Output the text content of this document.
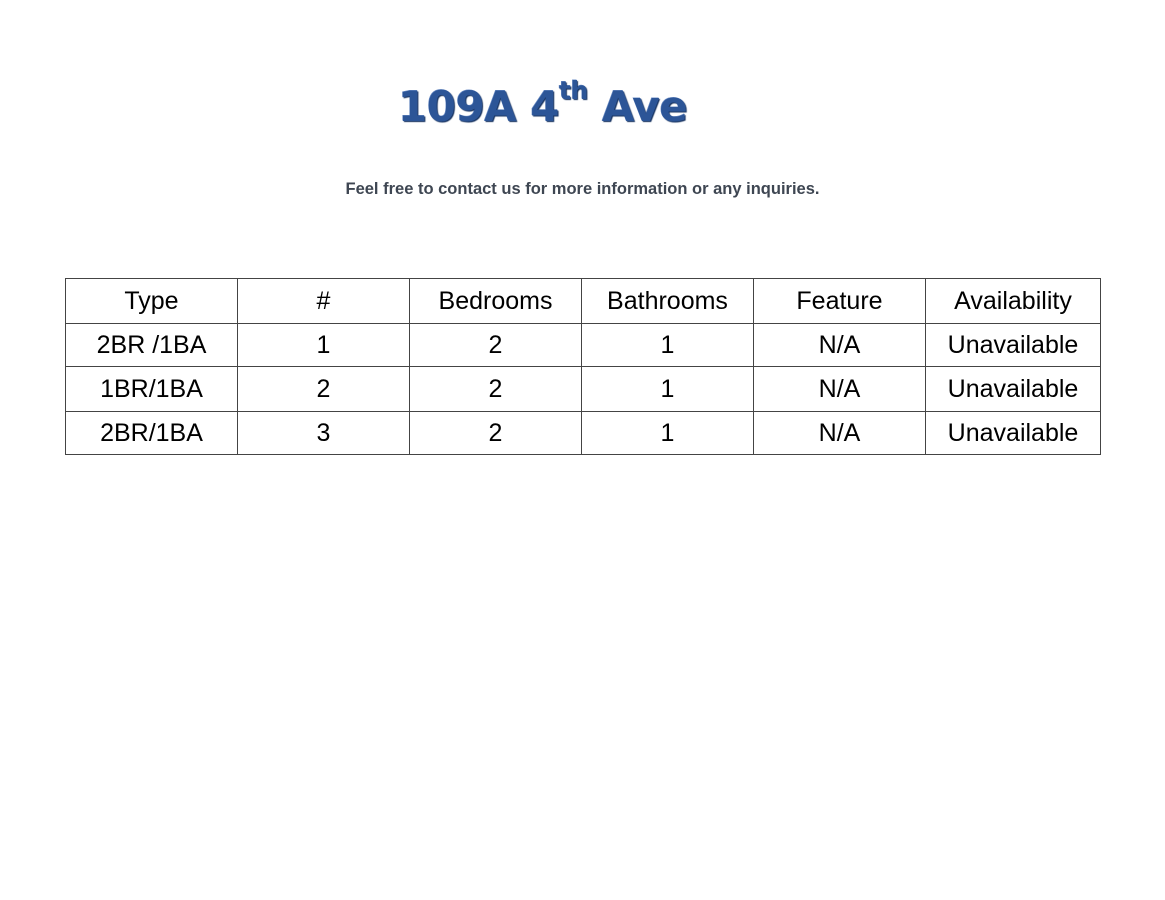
109A 4th Ave

Feel free to contact us for more information or any inquiries.

Type	#	Bedrooms	Bathrooms	Feature	Availability
2BR /1BA	1	2	1	N/A	Unavailable
1BR/1BA	2	2	1	N/A	Unavailable
2BR/1BA	3	2	1	N/A	Unavailable
